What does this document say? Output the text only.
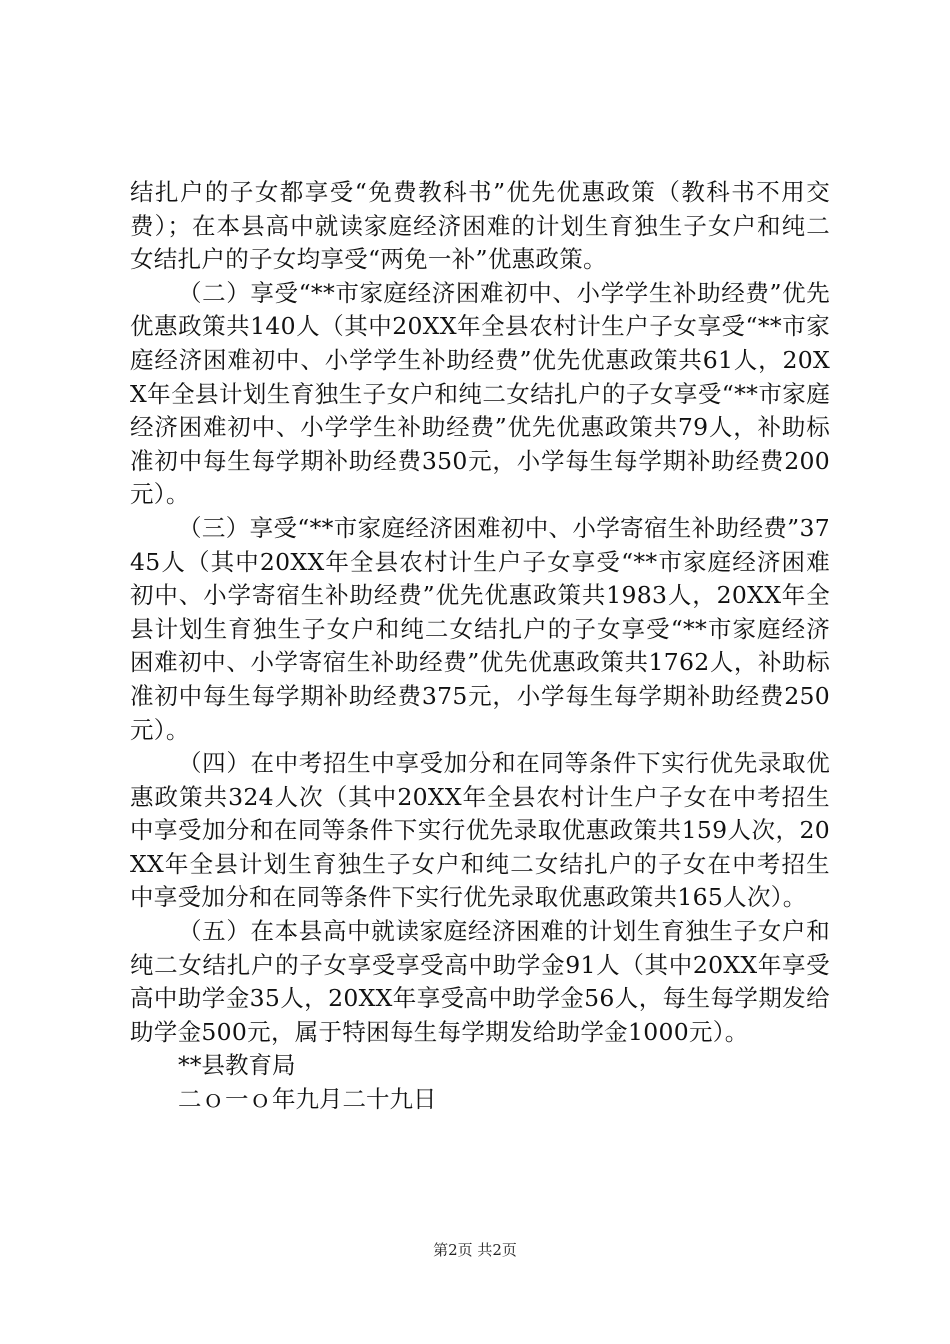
结扎户的子女都享受“免费教科书”优先优惠政策（教科书不用交费）；在本县高中就读家庭经济困难的计划生育独生子女户和纯二女结扎户的子女均享受“两免一补”优惠政策。

（二）享受“**市家庭经济困难初中、小学学生补助经费”优先优惠政策共140人（其中20XX年全县农村计生户子女享受“**市家庭经济困难初中、小学学生补助经费”优先优惠政策共61人，20XX年全县计划生育独生子女户和纯二女结扎户的子女享受“**市家庭经济困难初中、小学学生补助经费”优先优惠政策共79人，补助标准初中每生每学期补助经费350元，小学每生每学期补助经费200元）。

（三）享受“**市家庭经济困难初中、小学寄宿生补助经费”3745人（其中20XX年全县农村计生户子女享受“**市家庭经济困难初中、小学寄宿生补助经费”优先优惠政策共1983人，20XX年全县计划生育独生子女户和纯二女结扎户的子女享受“**市家庭经济困难初中、小学寄宿生补助经费”优先优惠政策共1762人，补助标准初中每生每学期补助经费375元，小学每生每学期补助经费250元）。

（四）在中考招生中享受加分和在同等条件下实行优先录取优惠政策共324人次（其中20XX年全县农村计生户子女在中考招生中享受加分和在同等条件下实行优先录取优惠政策共159人次，20XX年全县计划生育独生子女户和纯二女结扎户的子女在中考招生中享受加分和在同等条件下实行优先录取优惠政策共165人次）。

（五）在本县高中就读家庭经济困难的计划生育独生子女户和纯二女结扎户的子女享受享受高中助学金91人（其中20XX年享受高中助学金35人，20XX年享受高中助学金56人，每生每学期发给助学金500元，属于特困每生每学期发给助学金1000元）。

**县教育局

二ｏ一ｏ年九月二十九日

第2页 共2页
